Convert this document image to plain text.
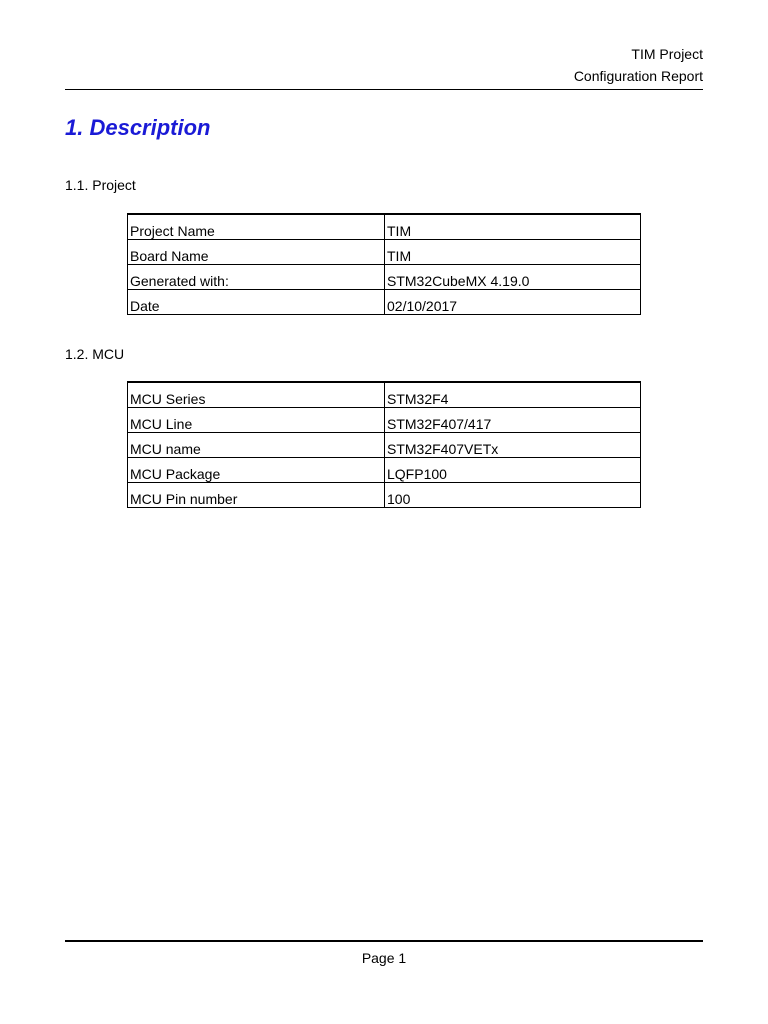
TIM Project
Configuration Report
1. Description
1.1. Project
Project Name	TIM
Board Name	TIM
Generated with:	STM32CubeMX 4.19.0
Date	02/10/2017
1.2. MCU
MCU Series	STM32F4
MCU Line	STM32F407/417
MCU name	STM32F407VETx
MCU Package	LQFP100
MCU Pin number	100
Page 1
